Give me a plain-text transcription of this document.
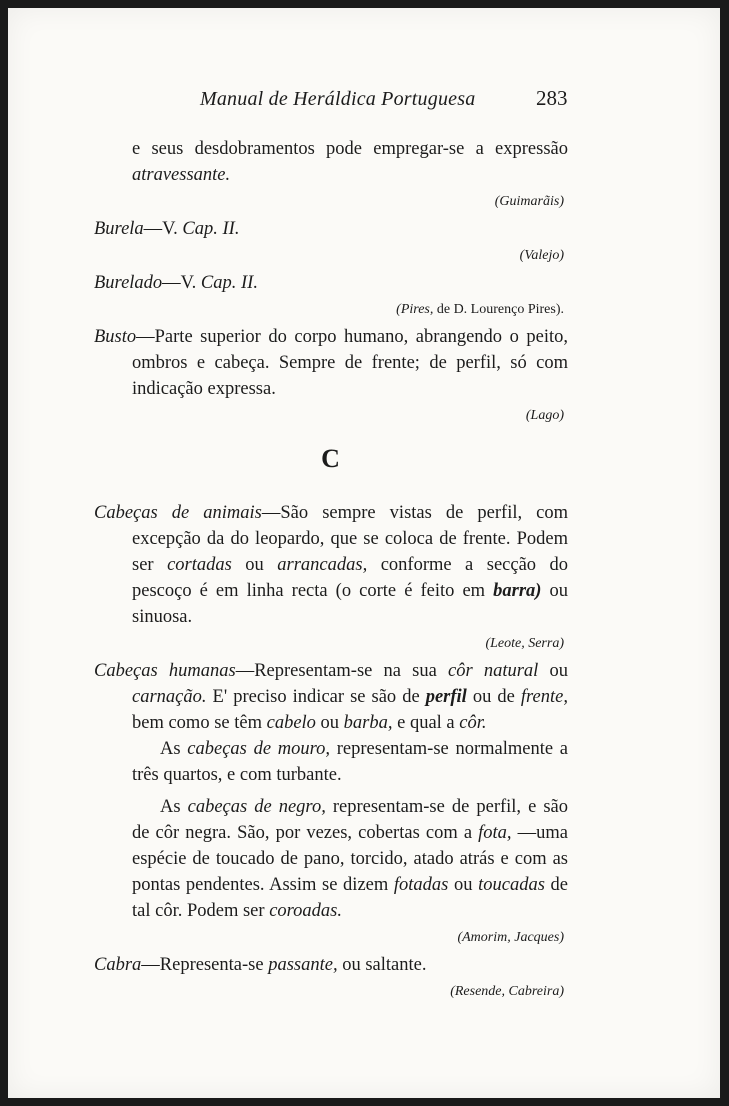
Manual de Heráldica Portuguesa	283

e seus desdobramentos pode empregar-se a expressão atravessante.

(Guimarãis)

Burela—V. Cap. II.

(Valejo)

Burelado—V. Cap. II.

(Pires, de D. Lourenço Pires).

Busto—Parte superior do corpo humano, abrangendo o peito, ombros e cabeça. Sempre de frente; de perfil, só com indicação expressa.

(Lago)

C

Cabeças de animais—São sempre vistas de perfil, com excepção da do leopardo, que se coloca de frente. Podem ser cortadas ou arrancadas, conforme a secção do pescoço é em linha recta (o corte é feito em barra) ou sinuosa.

(Leote, Serra)

Cabeças humanas—Representam-se na sua côr natural ou carnação. E' preciso indicar se são de perfil ou de frente, bem como se têm cabelo ou barba, e qual a côr.

As cabeças de mouro, representam-se normalmente a três quartos, e com turbante.

As cabeças de negro, representam-se de perfil, e são de côr negra. São, por vezes, cobertas com a fota, —uma espécie de toucado de pano, torcido, atado atrás e com as pontas pendentes. Assim se dizem fotadas ou toucadas de tal côr. Podem ser coroadas.

(Amorim, Jacques)

Cabra—Representa-se passante, ou saltante.

(Resende, Cabreira)
